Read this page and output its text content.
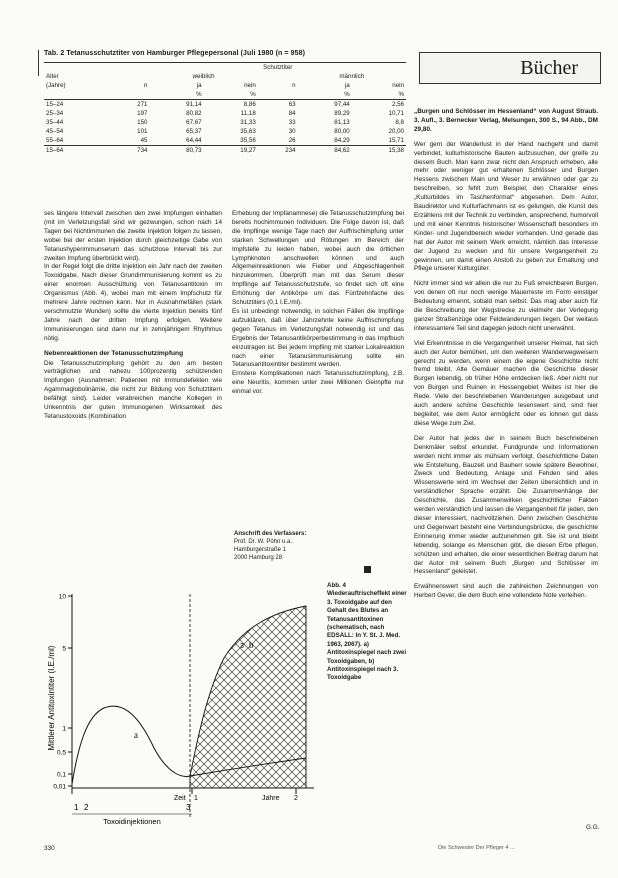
Tab. 2 Tetanusschutztiter von Hamburger Pflegepersonal (Juli 1980 (n = 958)
		Schutztiter				
Alter		weiblich			männlich	
(Jahre)	n	ja	nein	n	ja	nein
		%	%		%	%
15–24	271	91,14	8,86	63	97,44	2,56
25–34	197	80,82	11,18	84	89,29	10,71
35–44	150	67,67	31,33	33	81,13	8,8
45–54	101	65,37	35,63	30	80,00	20,00
55–64	45	64,44	35,56	26	84,29	15,71
15–64	734	80,73	19,27	234	84,62	15,38

ses längere Intervall zwischen den zwei Impfungen einhalten (mit im Verletzungsfall sind wir gezwungen, schon nach 14 Tagen bei Nichtimmunen die zweite Injektion folgen zu lassen, wobei bei der ersten Injektion durch gleichzeitige Gabe von Tetanushyperimmunserum das schutzlose Intervall bis zur zweiten Impfung überbrückt wird).

In der Regel folgt die dritte Injektion ein Jahr nach der zweiten Toxoidgabe. Nach dieser Grundimmunisierung kommt es zu einer enormen Ausschüttung von Tetanusantitoxin im Organismus (Abb. 4), wobei man mit einem Impfschutz für mehrere Jahre rechnen kann. Nur in Ausnahmefällen (stark verschmutzte Wunden) sollte die vierte Injektion bereits fünf Jahre nach der dritten Impfung erfolgen. Weitere Immunisierungen sind dann nur in zehnjährigem Rhythmus nötig.

Nebenreaktionen der Tetanusschutzimpfung

Die Tetanusschutzimpfung gehört zu den am besten verträglichen und nahezu 100prozentig schützenden Impfungen (Ausnahmen: Patienten mit Immundefekten wie Agammaglobulinämie, die nicht zur Bildung von Schutztitern befähigt sind). Leider verabreichen manche Kollegen in Unkenntnis der guten Immunogenen Wirksamkeit des Tetanustoxoids (Kombination

Erhebung der Impfanamnese) die Tetanusschutzimpfung bei bereits hochimmunen Individuen. Die Folge davon ist, daß die Impflinge wenige Tage nach der Auffrischimpfung unter starken Schwellungen und Rötungen im Bereich der Impfstelle zu leiden haben, wobei auch die örtlichen Lymphknoten anschwellen können und auch Allgemeinreaktionen wie Fieber und Abgeschlagenheit hinzukommen. Überprüft man mit das Serum dieser Impflinge auf Tetanusschutzstufe, so findet sich oft eine Erhöhung der Antikörpe um das Fünfzehnfache des Schutztiters (0,1 I.E./ml).

Es ist unbedingt notwendig, in solchen Fällen die Impflinge aufzuklären, daß über Jahrzehnte keine Auffrischimpfung gegen Tetanus im Verletzungsfall notwendig ist und das Ergebnis der Tetanusantikörperbestimmung in das Impfbuch einzutragen ist. Bei jedem Impfling mit starker Lokalreaktion nach einer Tetanusimmunisierung sollte ein Tetanusantitoxintiter bestimmt werden.

Ernstere Komplikationen nach Tetanusschutzimpfung, z.B. eine Neuritis, kommen unter zwei Millionen Geimpfte nur einmal vor.

Anschrift des Verfassers:
Prof. Dr. W. Pöhn u.a.
Hamburgerstraße 1
2000 Hamburg 28
Bücher

„Burgen und Schlösser im Hessenland“ von August Straub. 3. Aufl., 3. Bernecker Verlag, Melsungen, 300 S., 94 Abb., DM 29,80.

Wer gern der Wanderlust in der Hand nachgeht und damit verbindet, kulturhistorische Bauten aufzusuchen, der greife zu diesem Buch. Man kann zwar nicht den Anspruch erheben, alle mehr oder weniger gut erhaltenen Schlösser und Burgen Hessens zwischen Main und Weser zu erwähnen oder gar zu beschreiben, so fehlt zum Beispiel, den Charakter eines „Kulturbildes im Taschenformat“ abgesehen. Dem Autor, Baudirektor und Kulturfachmann ist es gelungen, die Kunst des Erzählens mit der Technik zu verbinden, ansprechend, humorvoll und mit einer Kenntnis historischer Wissenschaft besonders im Kinder- und Jugendbereich wieder vorhanden. Und gerade das hat der Autor mit seinem Werk erreicht, nämlich das Interesse der Jugend zu wecken und für unsere Vergangenheit zu gewinnen, um damit einen Anstoß zu geben zur Erhaltung und Pflege unserer Kulturgüter.

Nicht immer sind wir allein die nur zu Fuß erreichbaren Burgen, von denen oft nur noch wenige Mauerreste im Form einstiger Bedeutung ernennt, sobald man selbst. Das mag aber auch für die Beschreibung der Wegstrecke zu vielmehr der Verlegung ganzer Straßenzüge oder Feldwanderungen liegen. Der weitaus interessantere Teil sind dagegen jedoch nicht unerwähnt.

Viel Erkenntnisse in die Vergangenheit unserer Heimat, hat sich auch der Autor bemühen, um den weiteren Wanderwegweisern gerecht zu werden, wenn einem die eigene Geschichte nicht fremd bleibt. Alte Gemäuer machen die Geschichte dieser Burgen lebendig, ob früher Höhe entdecken ließ. Aber nicht nur von Burgen und Ruinen in Hessengebiet Weites ist hier die Rede. Viele der beschriebenen Wanderungen ausgebaut und auch andere schöne Geschichte lesenswert sind, sind hier begleitet, wie dem Autor ermöglicht oder es lohnen gut dass diese Wege zum Ziel.

Der Autor hat jedes der in seinem Buch beschriebenen Denkmäler selbst erkundet. Fundgrunde und Informationen werden nicht immer als mühsam verfolgt. Geschichtliche Daten wie Entstehung, Bauzeit und Bauherr sowie spätere Bewohner, Zweck und Bedeutung, Anlage und Fehden sind alles Wissenswerte wird im Wechsel der Zeiten übersichtlich und in verständlicher Sprache erzählt. Die Zusammenhänge der Geschichte, das Zusammenwirken geschichtlicher Fakten werden verständlich und lassen die Vergangenheit für jeden, den dieser interessiert, nachvollziehen. Denn zwischen Geschichte und Gegenwart besteht eine Verbindungsbrücke, die geschichte Erinnerung immer wieder aufzunehmen gilt. Sie ist und bleibt lebendig, solange es Menschen gibt, die diesen Erbe pflegen, schützen und erhalten, die einer wesentlichen Beitrag darum hat der Autor mit seinem Buch „Burgen und Schlösser im Hessenland“ geleistet.

Erwähnenswert sind auch die zahlreichen Zeichnungen von Herbert Gever, die dem Buch eine vollendete Note verleihen.

G.G.
10
5
1
0,5
0,1
0,01
Mittlerer Antitoxintiter (I.E./ml)	a
b
3
Zeit	Jahre
1	2
1 2	3
Toxoidinjektionen
Abb. 4 Wiederauftrischeffekt einer 3. Toxoidgabe auf den Gehalt des Blutes an Tetanusantitoxinen (schematisch, nach EDSALL: In Y. St. J. Med. 1963, 2067). a) Antitoxinspiegel nach zwei Toxoidgaben, b) Antitoxinspiegel nach 3. Toxoidgabe
330	Die Schwester Der Pfleger 4 ...
